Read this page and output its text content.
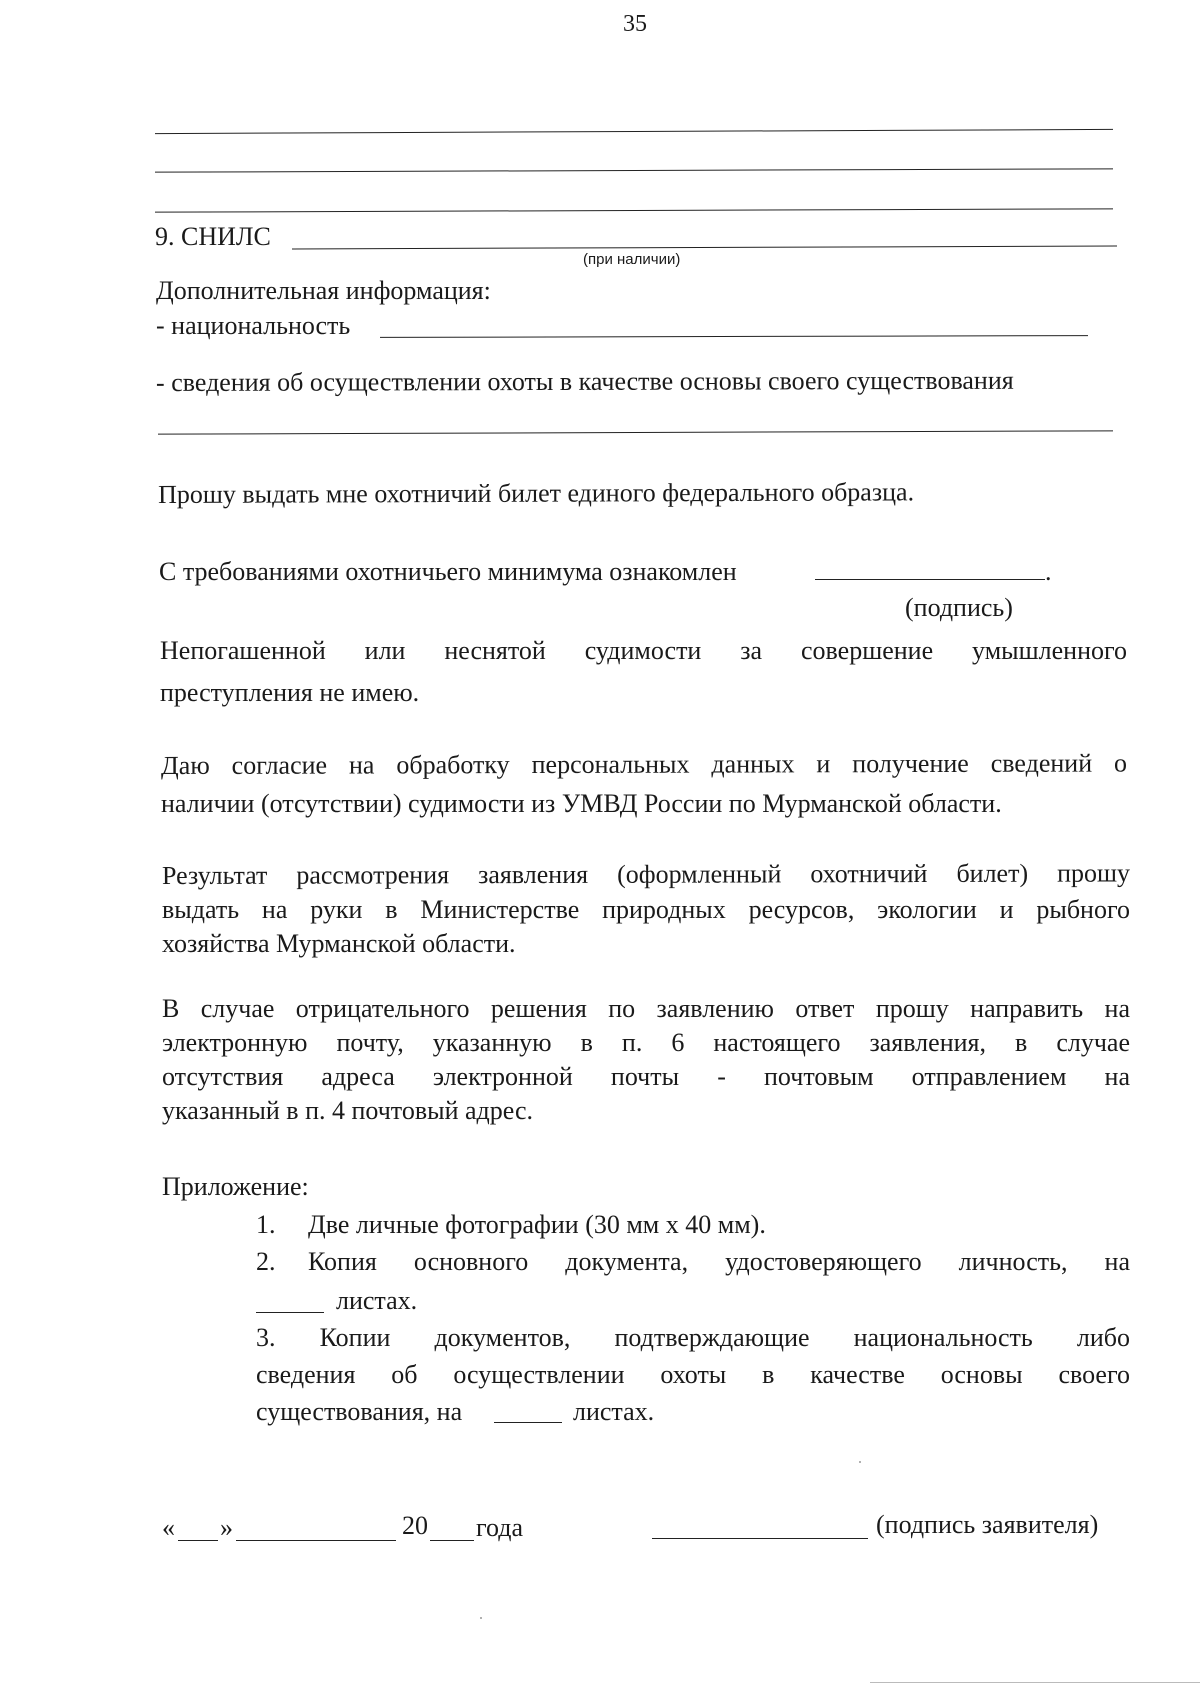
35
9. СНИЛС
(при наличии)
Дополнительная информация:
- национальность
- сведения об осуществлении охоты в качестве основы своего существования
Прошу выдать мне охотничий билет единого федерального образца.
С требованиями охотничьего минимума ознакомлен	.
(подпись)
Непогашенной или неснятой судимости за совершение умышленного
преступления не имею.
Даю согласие на обработку персональных данных и получение сведений о
наличии (отсутствии) судимости из УМВД России по Мурманской области.
Результат рассмотрения заявления (оформленный охотничий билет) прошу
выдать на руки в Министерстве природных ресурсов, экологии и рыбного
хозяйства Мурманской области.
В случае отрицательного решения по заявлению ответ прошу направить на
электронную почту, указанную в п. 6 настоящего заявления, в случае
отсутствия адреса электронной почты - почтовым отправлением на
указанный в п. 4 почтовый адрес.
Приложение:
1. Две личные фотографии (30 мм х 40 мм).
2. Копия основного документа, удостоверяющего личность, на
листах.
3. Копии документов, подтверждающие национальность либо
сведения об осуществлении охоты в качестве основы своего
существования, на	листах.
« »	20 года	(подпись заявителя)
